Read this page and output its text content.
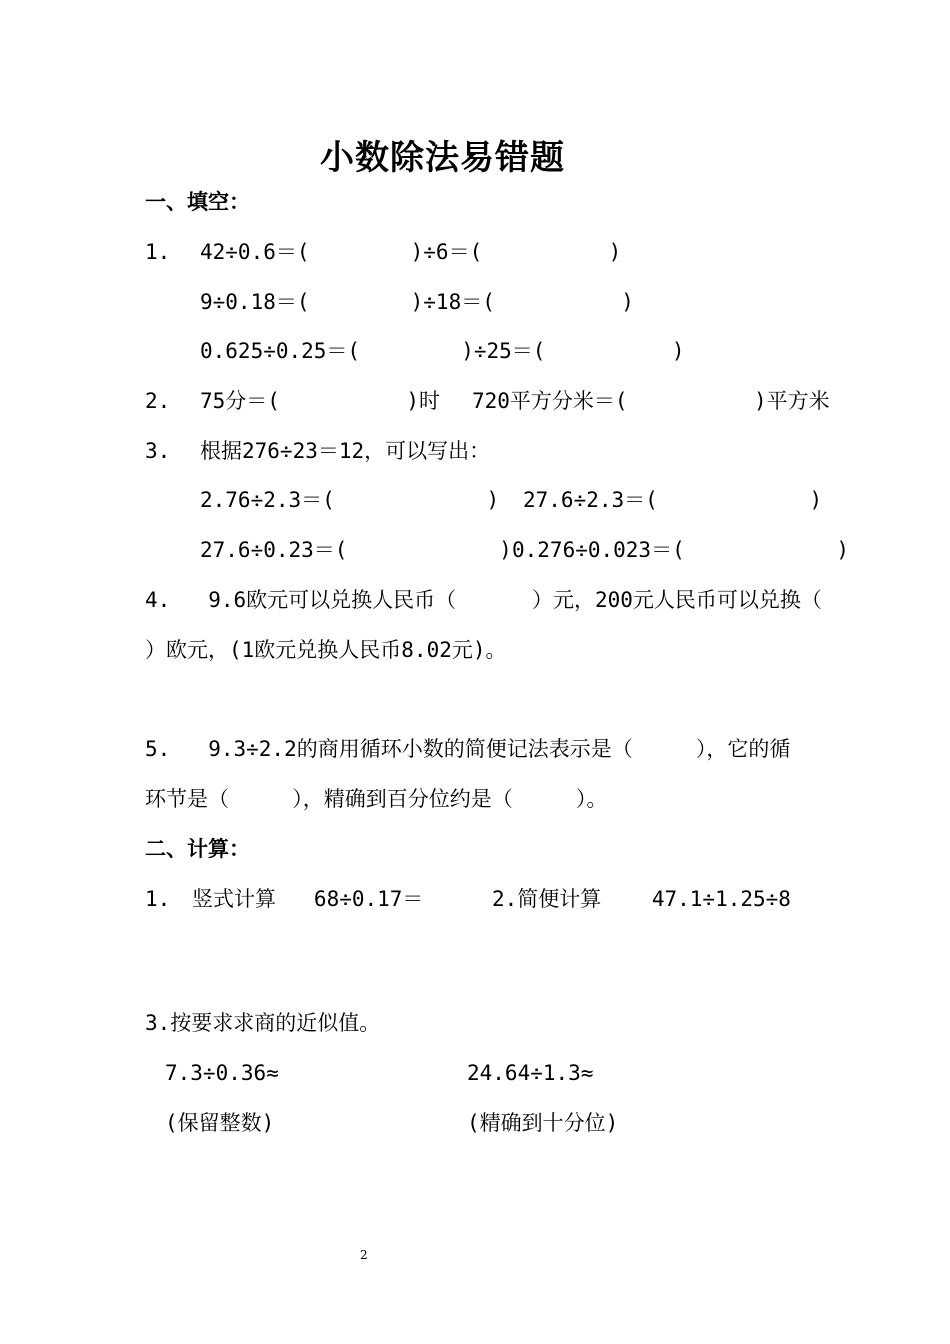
小数除法易错题
一、填空：
1. 42÷0.6＝(        )÷6＝(          )
9÷0.18＝(        )÷18＝(          )
0.625÷0.25＝(        )÷25＝(          )
2. 75分＝(          )时 720平方分米＝(          )平方米
3. 根据276÷23＝12，可以写出：
2.76÷2.3＝(            ) 27.6÷2.3＝(            )
27.6÷0.23＝(            ) 0.276÷0.023＝(            )
4.   9.6欧元可以兑换人民币（      ）元，200元人民币可以兑换（
）欧元，(1欧元兑换人民币8.02元)。
5.   9.3÷2.2的商用循环小数的简便记法表示是（     ），它的循
环节是（     ），精确到百分位约是（     ）。
二、计算：
1. 竖式计算   68÷0.17＝	2.简便计算    47.1÷1.25÷8
3.按要求求商的近似值。
7.3÷0.36≈	24.64÷1.3≈
(保留整数)	(精确到十分位)
2
